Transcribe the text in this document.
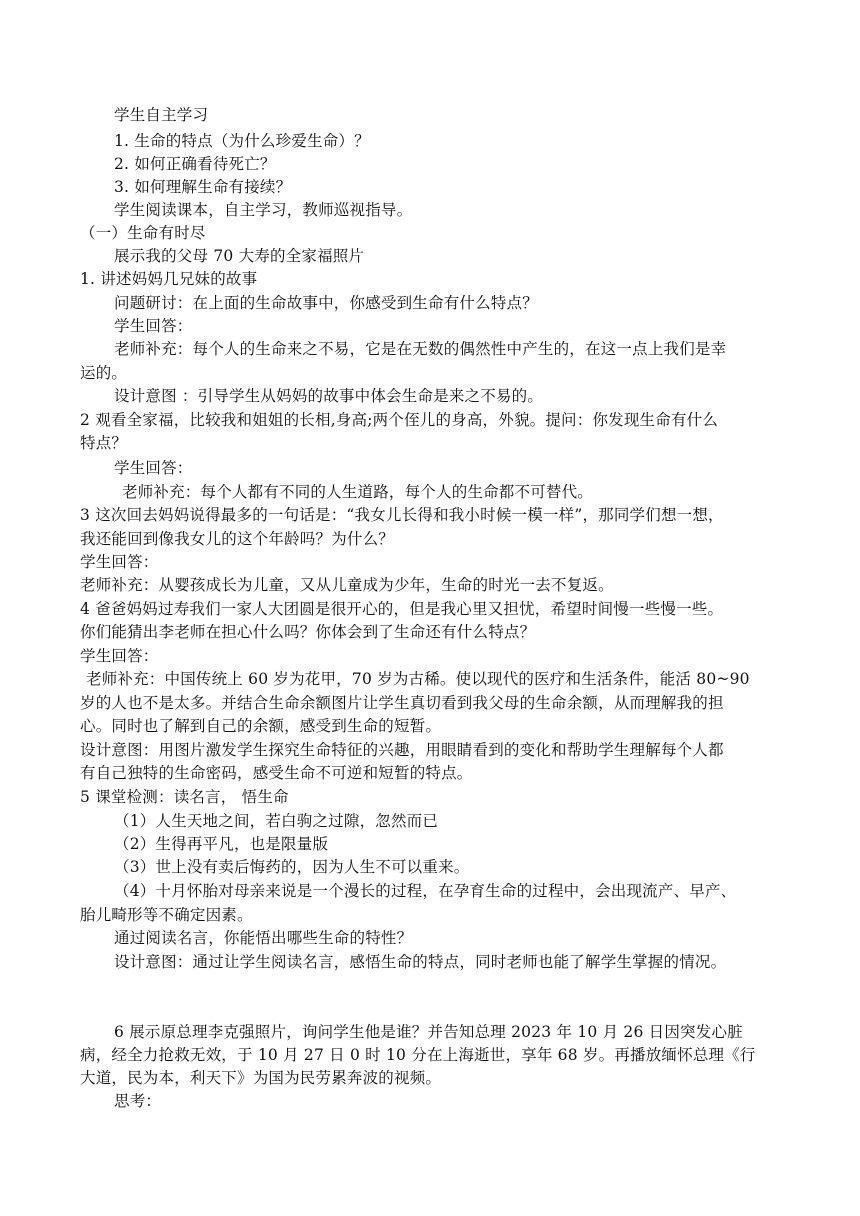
学生自主学习
1. 生命的特点（为什么珍爱生命）？
2. 如何正确看待死亡？
3. 如何理解生命有接续？
学生阅读课本，自主学习，教师巡视指导。
（一）生命有时尽
展示我的父母 70 大寿的全家福照片
1. 讲述妈妈几兄妹的故事
问题研讨：在上面的生命故事中，你感受到生命有什么特点？
学生回答：
老师补充：每个人的生命来之不易，它是在无数的偶然性中产生的，在这一点上我们是幸
运的。
设计意图 ：引导学生从妈妈的故事中体会生命是来之不易的。
2 观看全家福，比较我和姐姐的长相,身高;两个侄儿的身高，外貌。提问：你发现生命有什么
特点？
学生回答：
老师补充：每个人都有不同的人生道路，每个人的生命都不可替代。
3 这次回去妈妈说得最多的一句话是：“我女儿长得和我小时候一模一样”，那同学们想一想，
我还能回到像我女儿的这个年龄吗？为什么？
学生回答：
老师补充：从婴孩成长为儿童，又从儿童成为少年，生命的时光一去不复返。
4 爸爸妈妈过寿我们一家人大团圆是很开心的，但是我心里又担忧，希望时间慢一些慢一些。
你们能猜出李老师在担心什么吗？你体会到了生命还有什么特点？
学生回答：
老师补充：中国传统上 60 岁为花甲，70 岁为古稀。使以现代的医疗和生活条件，能活 80~90
岁的人也不是太多。并结合生命余额图片让学生真切看到我父母的生命余额，从而理解我的担
心。同时也了解到自己的余额，感受到生命的短暂。
设计意图：用图片激发学生探究生命特征的兴趣，用眼睛看到的变化和帮助学生理解每个人都
有自己独特的生命密码，感受生命不可逆和短暂的特点。
5 课堂检测：读名言， 悟生命
（1）人生天地之间，若白驹之过隙，忽然而已
（2）生得再平凡，也是限量版
（3）世上没有卖后悔药的，因为人生不可以重来。
（4）十月怀胎对母亲来说是一个漫长的过程，在孕育生命的过程中，会出现流产、早产、
胎儿畸形等不确定因素。
通过阅读名言，你能悟出哪些生命的特性？
设计意图：通过让学生阅读名言，感悟生命的特点，同时老师也能了解学生掌握的情况。
6 展示原总理李克强照片，询问学生他是谁？并告知总理 2023 年 10 月 26 日因突发心脏
病，经全力抢救无效，于 10 月 27 日 0 时 10 分在上海逝世，享年 68 岁。再播放缅怀总理《行
大道，民为本，利天下》为国为民劳累奔波的视频。
思考：
